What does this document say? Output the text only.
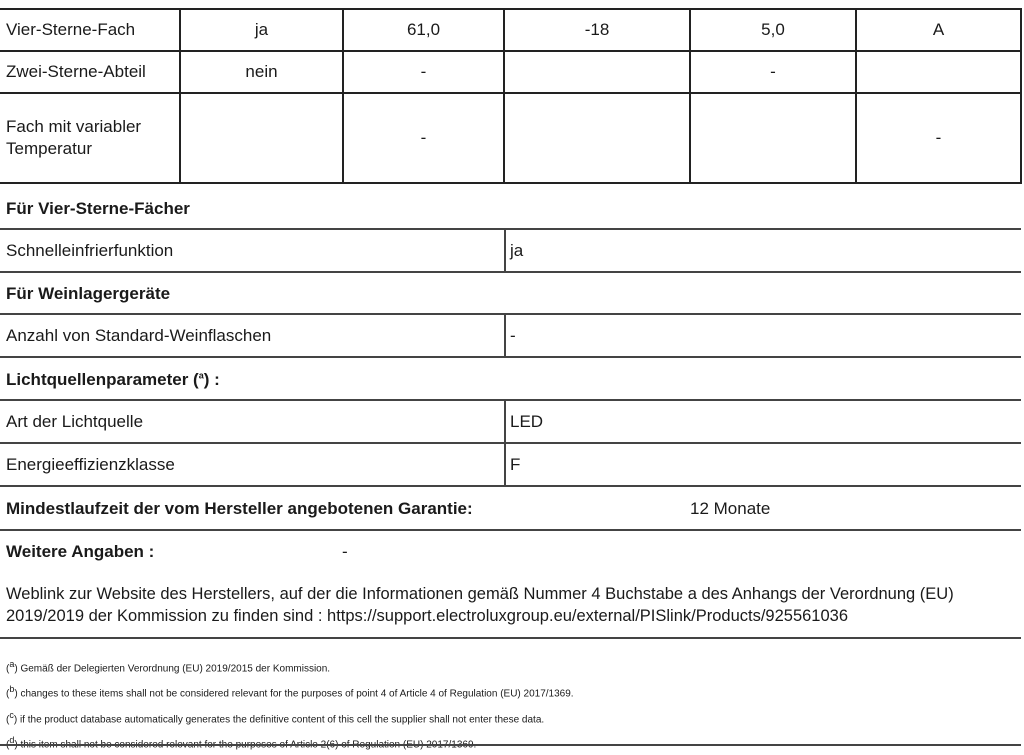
Vier-Sterne-Fach	ja	61,0	-18	5,0	A
Zwei-Sterne-Abteil	nein	-		-	
Fach mit variabler Temperatur		-			-
Für Vier-Sterne-Fächer
Schnelleinfrierfunktion	ja
Für Weinlagergeräte
Anzahl von Standard-Weinflaschen	-
Lichtquellenparameter ($^a$) :
Art der Lichtquelle	LED
Energieeffizienzklasse	F
Mindestlaufzeit der vom Hersteller angebotenen Garantie:	12 Monate
Weitere Angaben :	-
Weblink zur Website des Herstellers, auf der die Informationen gemäß Nummer 4 Buchstabe a des Anhangs der Verordnung (EU) 2019/2019 der Kommission zu finden sind : https://support.electroluxgroup.eu/external/PISlink/Products/925561036
($^a$) Gemäß der Delegierten Verordnung (EU) 2019/2015 der Kommission.
($^b$) changes to these items shall not be considered relevant for the purposes of point 4 of Article 4 of Regulation (EU) 2017/1369.
($^c$) if the product database automatically generates the definitive content of this cell the supplier shall not enter these data.
($^d$) this item shall not be considered relevant for the purposes of Article 2(6) of Regulation (EU) 2017/1369.
